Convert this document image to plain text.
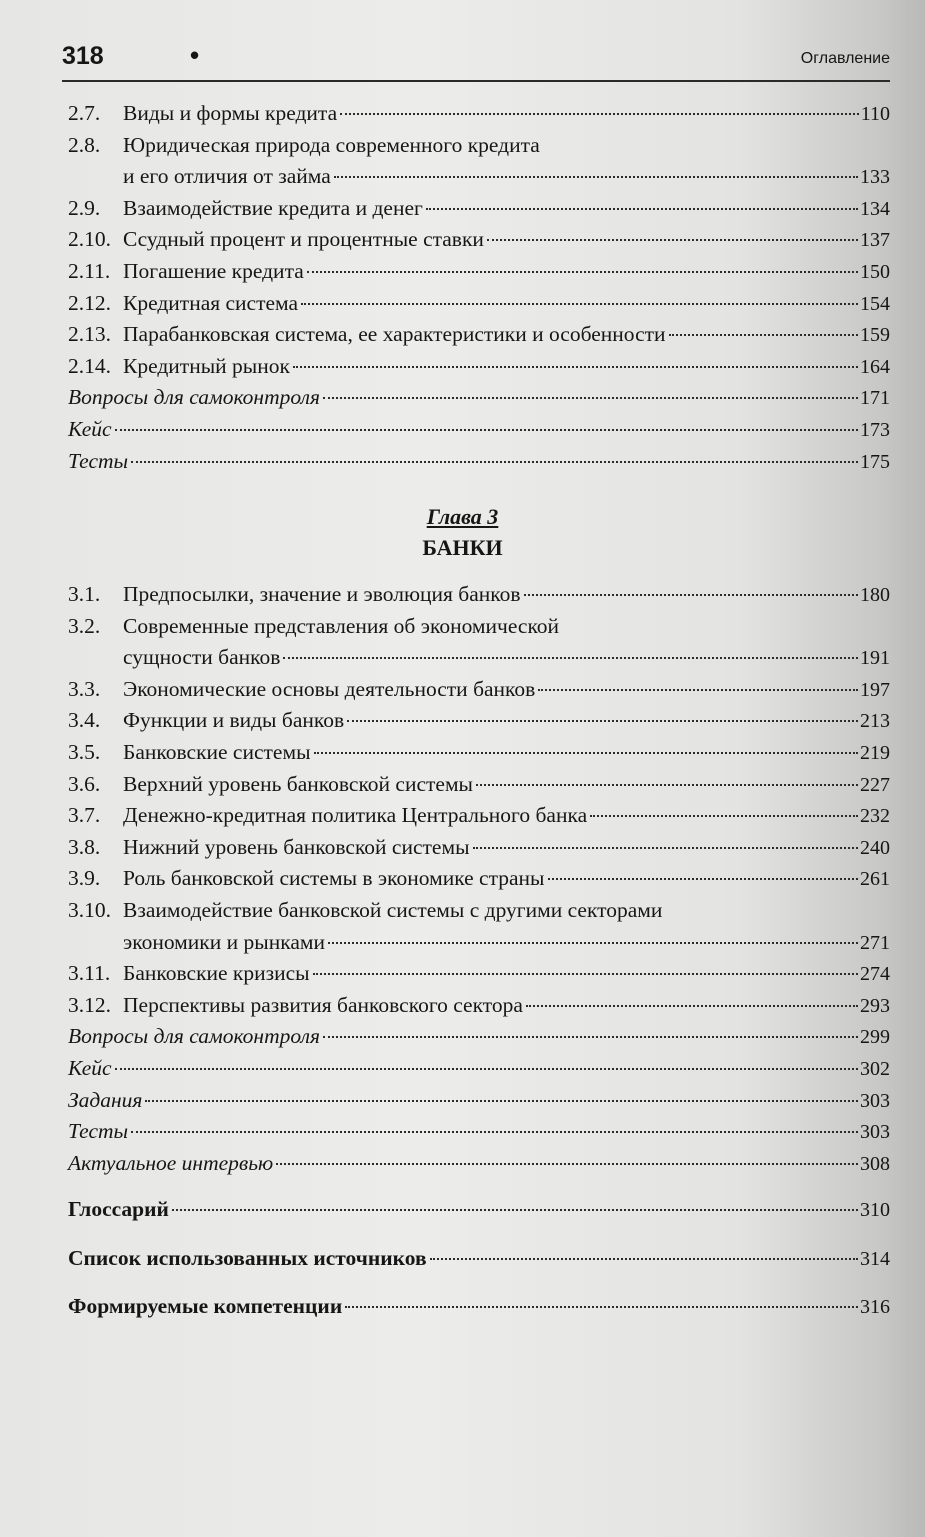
318	•	Оглавление
Глава 3
БАНКИ
2.7.	Виды и формы кредита	110
2.8.	Юридическая природа современного кредита
и его отличия от займа	133
2.9.	Взаимодействие кредита и денег	134
2.10. Ссудный процент и процентные ставки	137
2.11. Погашение кредита	150
2.12. Кредитная система	154
2.13. Парабанковская система, ее характеристики и особенности	159
2.14. Кредитный рынок	164
Вопросы для самоконтроля	171
Кейс	173
Тесты	175
3.1.	Предпосылки, значение и эволюция банков	180
3.2.	Современные представления об экономической
сущности банков	191
3.3.	Экономические основы деятельности банков	197
3.4.	Функции и виды банков	213
3.5.	Банковские системы	219
3.6.	Верхний уровень банковской системы	227
3.7.	Денежно-кредитная политика Центрального банка	232
3.8.	Нижний уровень банковской системы	240
3.9.	Роль банковской системы в экономике страны	261
3.10. Взаимодействие банковской системы с другими секторами
экономики и рынками	271
3.11. Банковские кризисы	274
3.12. Перспективы развития банковского сектора	293
Вопросы для самоконтроля	299
Кейс	302
Задания	303
Тесты	303
Актуальное интервью	308
Глоссарий	310
Список использованных источников	314
Формируемые компетенции	316
